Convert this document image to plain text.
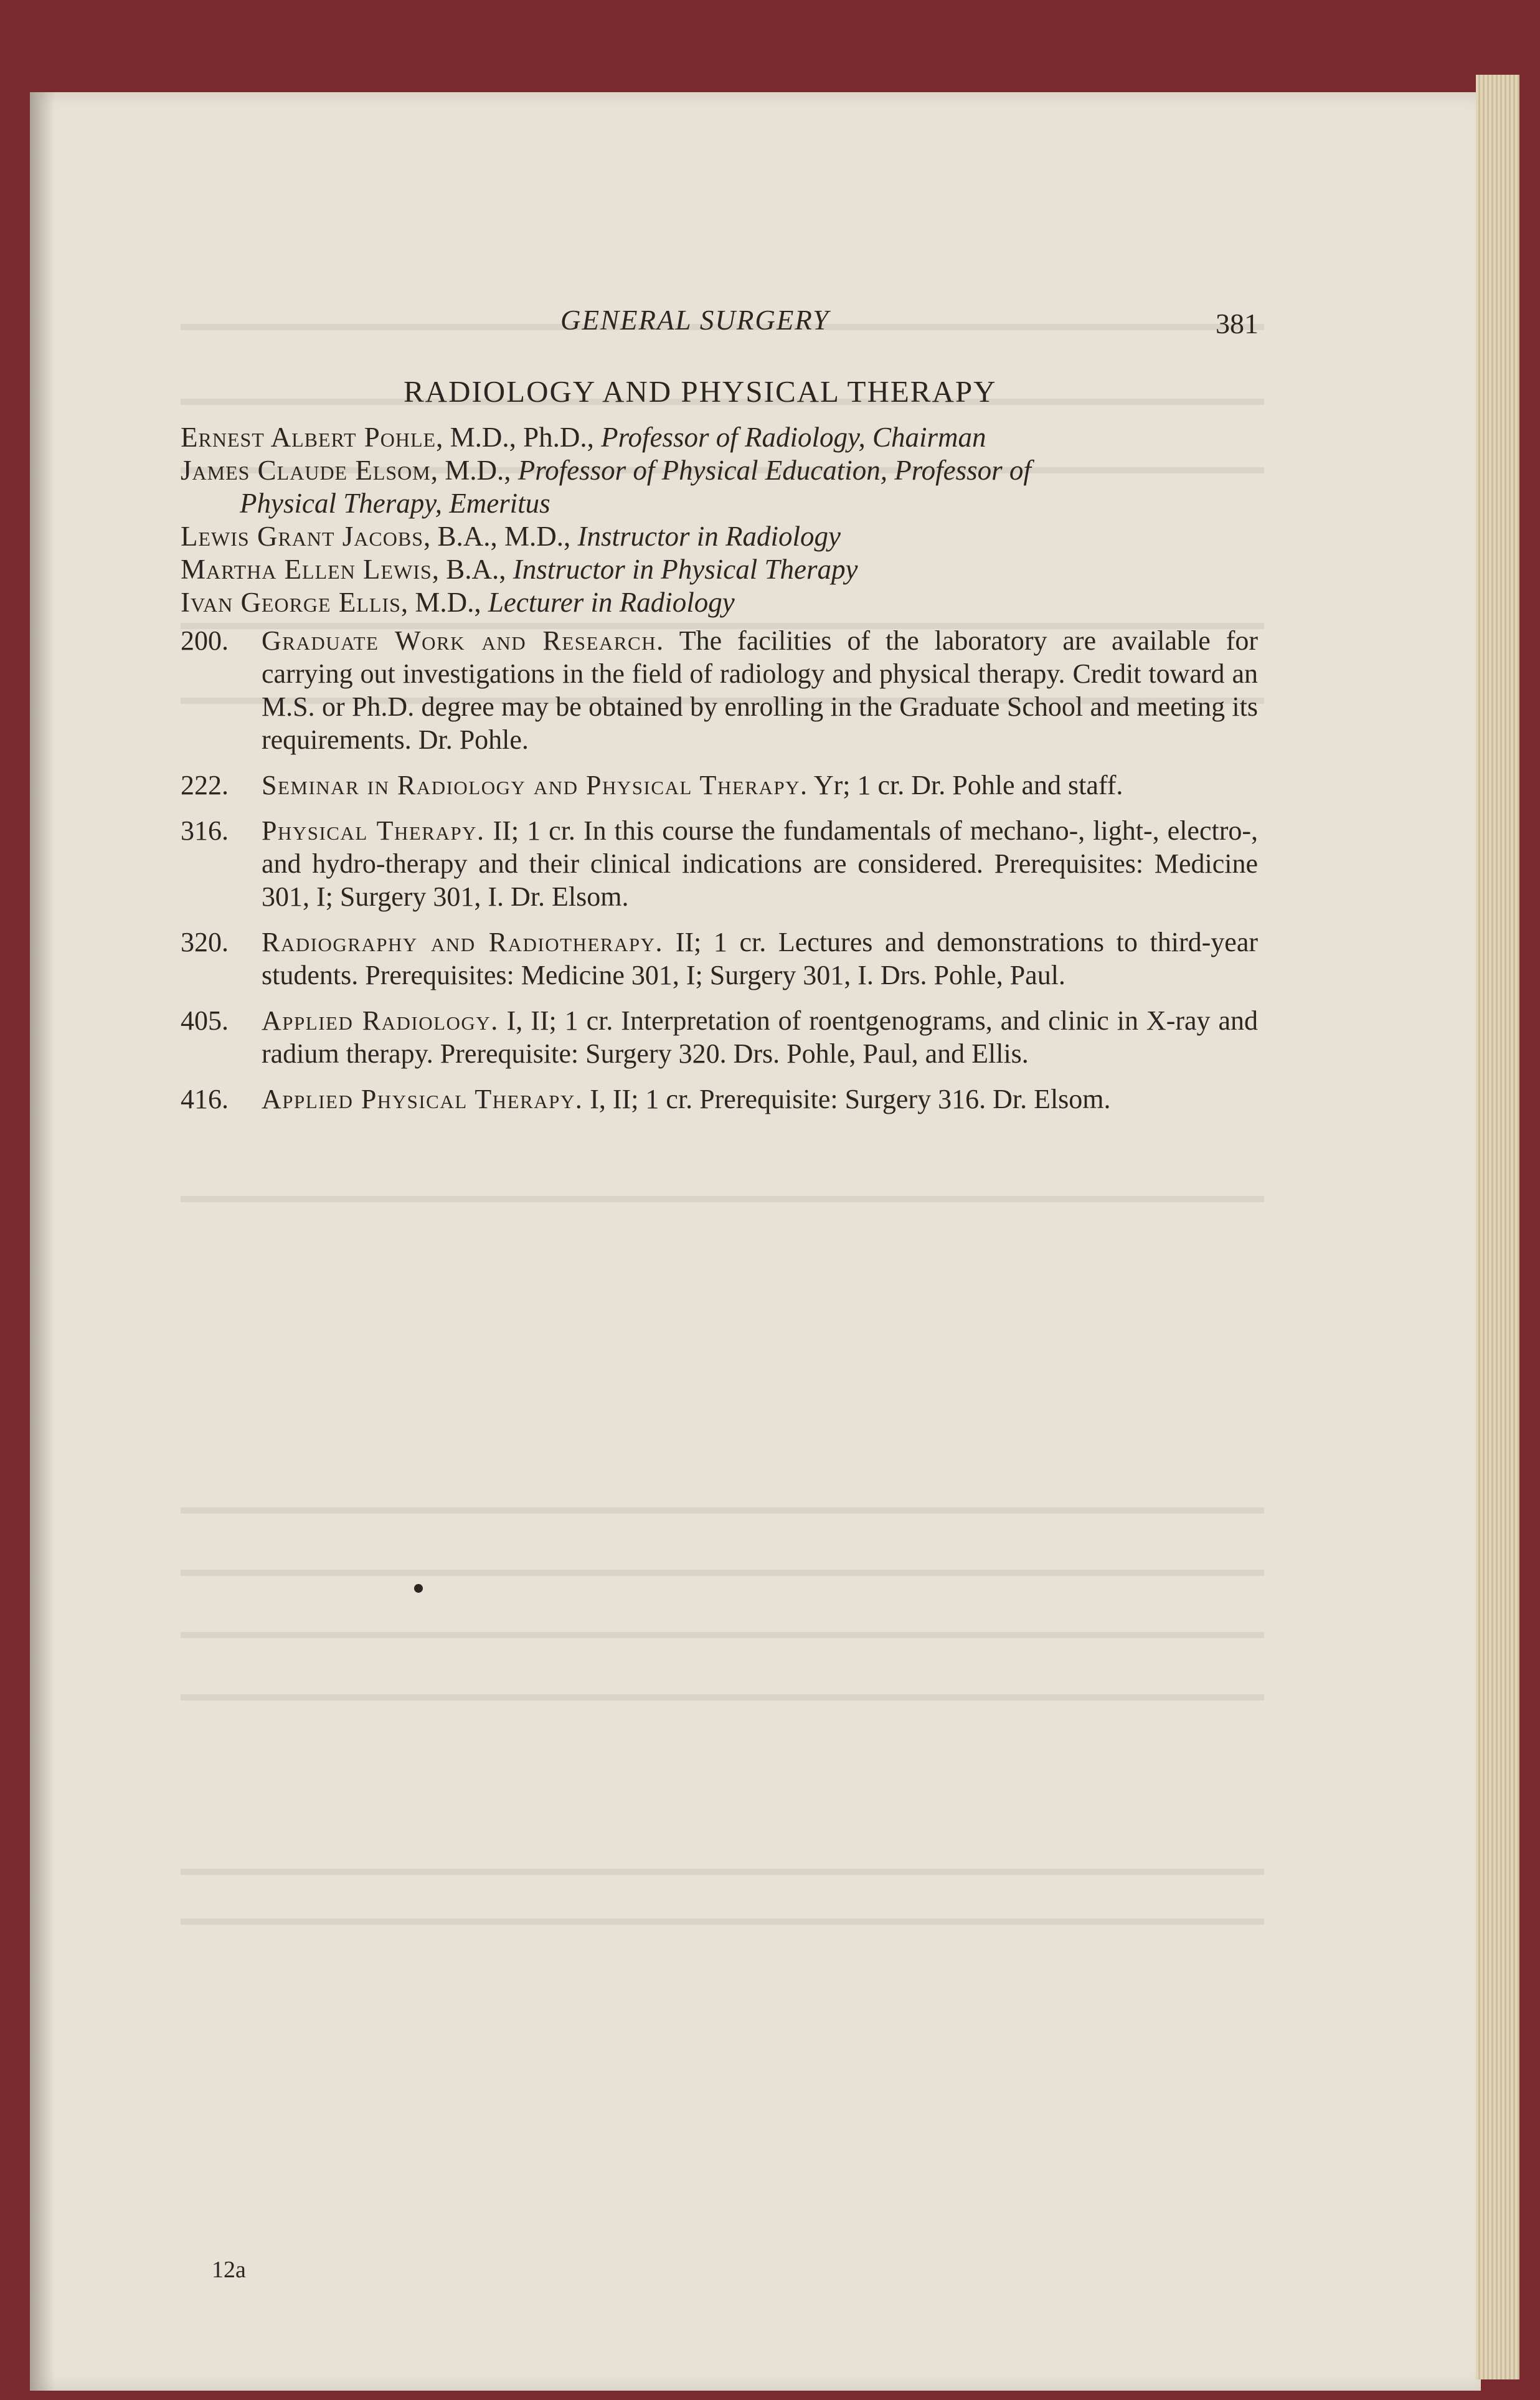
GENERAL SURGERY	381
RADIOLOGY AND PHYSICAL THERAPY

Ernest Albert Pohle, M.D., Ph.D., Professor of Radiology, Chairman

James Claude Elsom, M.D., Professor of Physical Education, Professor of
Physical Therapy, Emeritus

Lewis Grant Jacobs, B.A., M.D., Instructor in Radiology

Martha Ellen Lewis, B.A., Instructor in Physical Therapy

Ivan George Ellis, M.D., Lecturer in Radiology

200.	Graduate Work and Research. The facilities of the laboratory are available for carrying out investigations in the field of radiology and physical therapy. Credit toward an M.S. or Ph.D. degree may be obtained by enrolling in the Graduate School and meeting its requirements. Dr. Pohle.
222.	Seminar in Radiology and Physical Therapy. Yr; 1 cr. Dr. Pohle and staff.
316.	Physical Therapy. II; 1 cr. In this course the fundamentals of mechano-, light-, electro-, and hydro-therapy and their clinical indications are considered. Prerequisites: Medicine 301, I; Surgery 301, I. Dr. Elsom.
320.	Radiography and Radiotherapy. II; 1 cr. Lectures and demonstrations to third-year students. Prerequisites: Medicine 301, I; Surgery 301, I. Drs. Pohle, Paul.
405.	Applied Radiology. I, II; 1 cr. Interpretation of roentgenograms, and clinic in X-ray and radium therapy. Prerequisite: Surgery 320. Drs. Pohle, Paul, and Ellis.
416.	Applied Physical Therapy. I, II; 1 cr. Prerequisite: Surgery 316. Dr. Elsom.
12a
